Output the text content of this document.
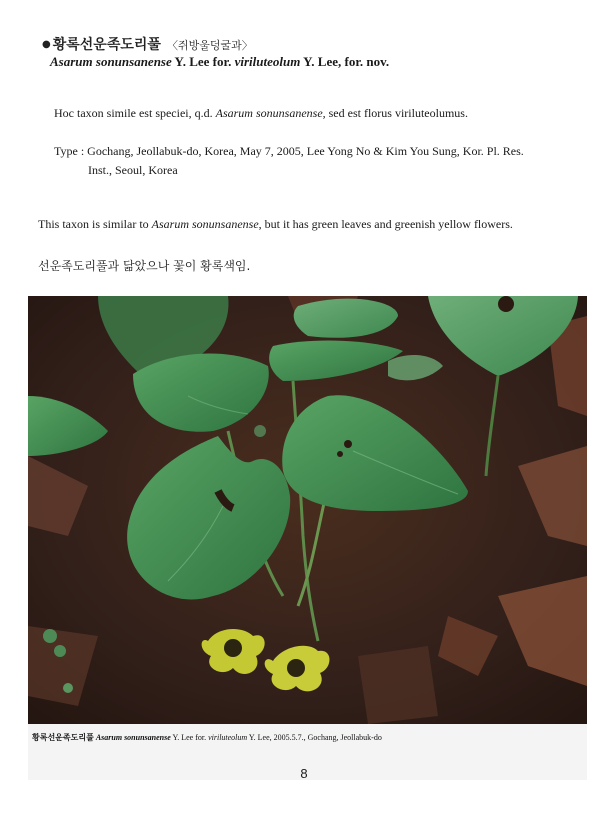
● 황록선운족도리풀 〈쥐방울덩굴과〉
Asarum sonunsanense Y. Lee for. viriluteolum Y. Lee, for. nov.
Hoc taxon simile est speciei, q.d. Asarum sonunsanense, sed est florus viriluteolumus.
Type : Gochang, Jeollabuk-do, Korea, May 7, 2005, Lee Yong No & Kim You Sung, Kor. Pl. Res.
Inst., Seoul, Korea
This taxon is similar to Asarum sonunsanense, but it has green leaves and greenish yellow flowers.
선운족도리풀과 닮았으나 꽃이 황록색임.
황록선운족도리풀 Asarum sonunsanense Y. Lee for. viriluteolum Y. Lee, 2005.5.7., Gochang, Jeollabuk-do
8
